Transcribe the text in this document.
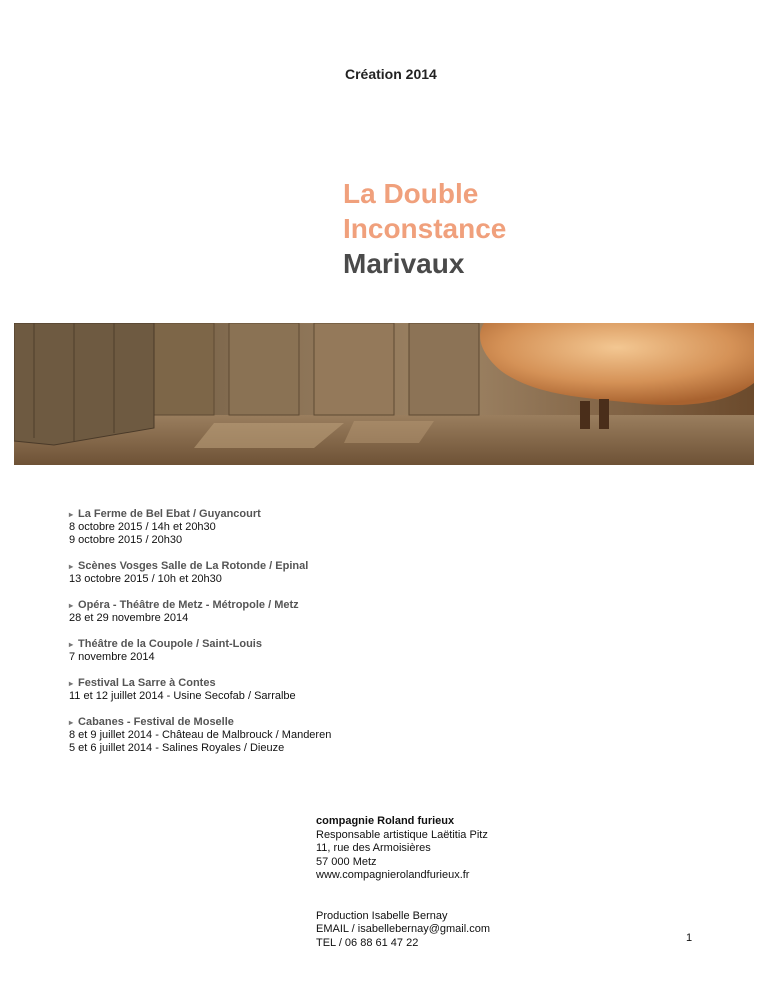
Création 2014
La Double
Inconstance
Marivaux
▸ La Ferme de Bel Ebat / Guyancourt
8 octobre 2015 / 14h et 20h30
9 octobre 2015 / 20h30
▸ Scènes Vosges Salle de La Rotonde / Epinal
13 octobre 2015 / 10h et 20h30
▸ Opéra - Théâtre de Metz - Métropole / Metz
28 et 29 novembre 2014
▸ Théâtre de la Coupole / Saint-Louis
7 novembre 2014
▸ Festival La Sarre à Contes
11 et 12 juillet 2014 - Usine Secofab / Sarralbe
▸ Cabanes - Festival de Moselle
8 et 9 juillet 2014 - Château de Malbrouck / Manderen
5 et 6 juillet 2014 - Salines Royales / Dieuze
compagnie Roland furieux
Responsable artistique Laëtitia Pitz
11, rue des Armoisières
57 000 Metz
www.compagnierolandfurieux.fr
Production Isabelle Bernay
EMAIL / isabellebernay@gmail.com
TEL / 06 88 61 47 22	1
